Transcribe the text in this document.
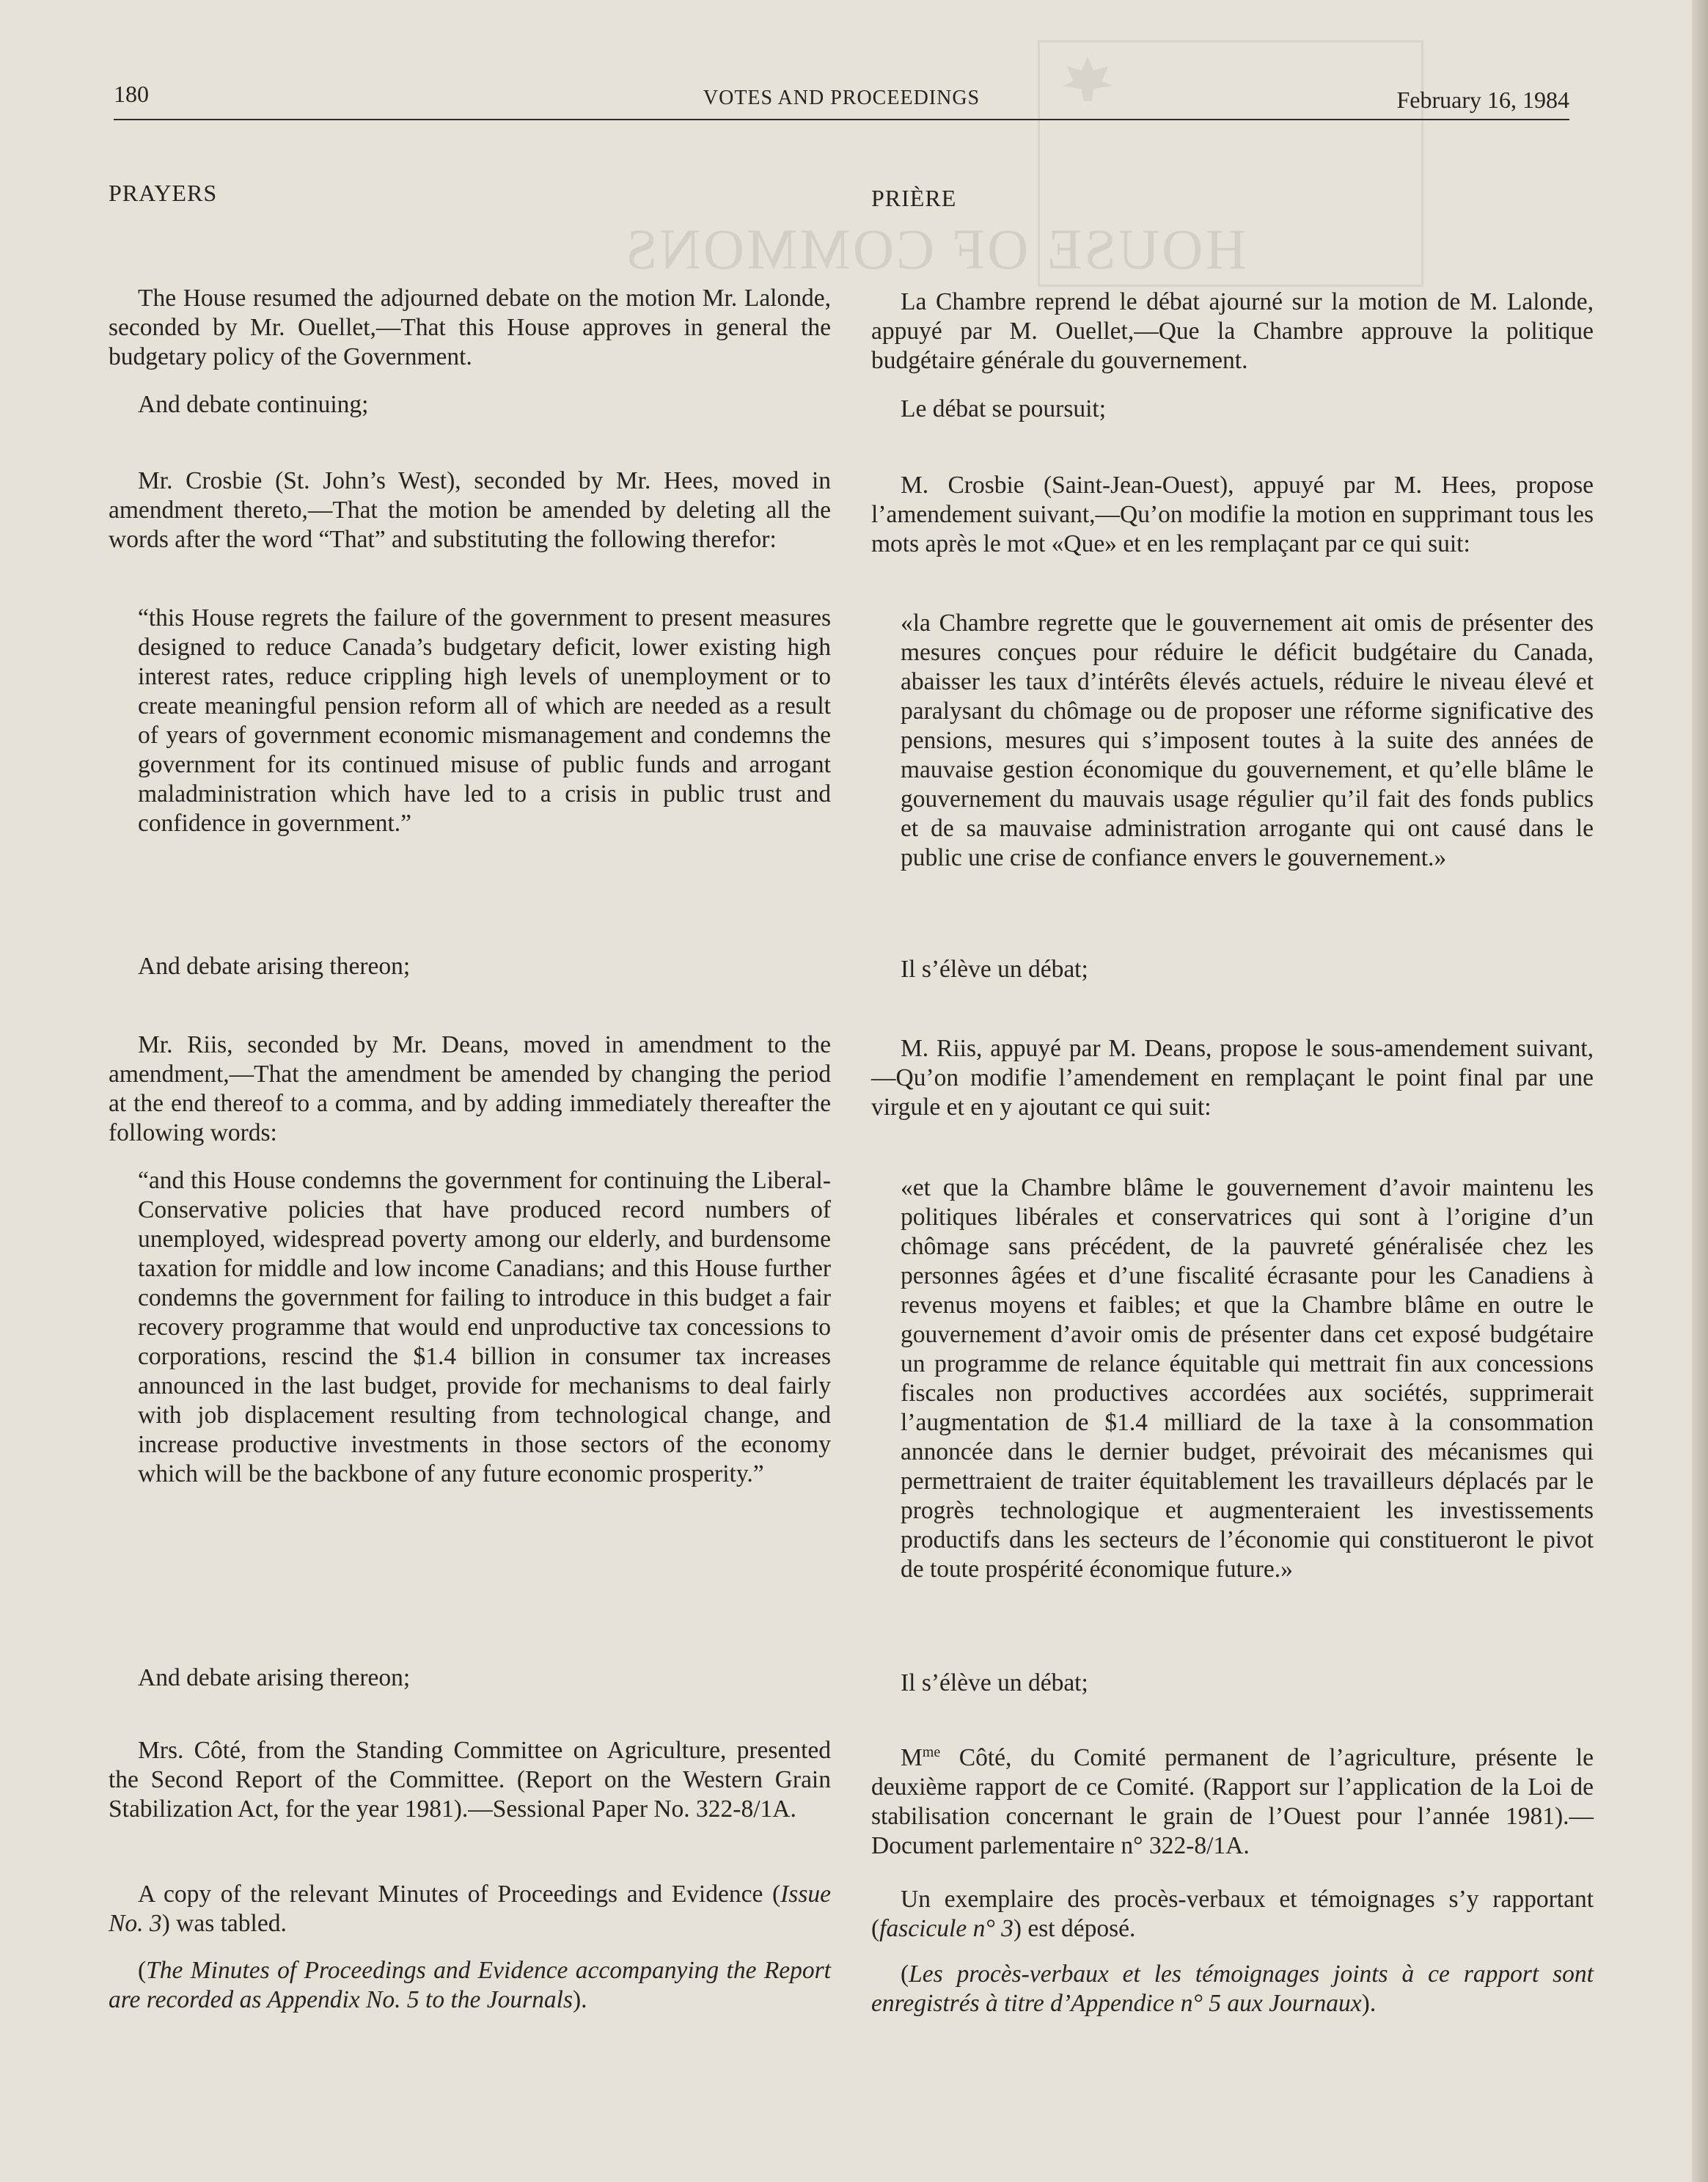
HOUSE OF COMMONS
180	VOTES AND PROCEEDINGS	February 16, 1984

PRAYERS

The House resumed the adjourned debate on the motion Mr. Lalonde, seconded by Mr. Ouellet,—That this House approves in general the budgetary policy of the Government.

And debate continuing;

Mr. Crosbie (St. John’s West), seconded by Mr. Hees, moved in amendment thereto,—That the motion be amended by deleting all the words after the word “That” and substituting the following therefor:

“this House regrets the failure of the government to present measures designed to reduce Canada’s budgetary deficit, lower existing high interest rates, reduce crippling high levels of unemployment or to create meaningful pension reform all of which are needed as a result of years of government economic mismanagement and condemns the government for its continued misuse of public funds and arrogant maladministration which have led to a crisis in public trust and confidence in government.”

And debate arising thereon;

Mr. Riis, seconded by Mr. Deans, moved in amendment to the amendment,—That the amendment be amended by changing the period at the end thereof to a comma, and by adding immediately thereafter the following words:

“and this House condemns the government for continuing the Liberal-Conservative policies that have produced record numbers of unemployed, widespread poverty among our elderly, and burdensome taxation for middle and low income Canadians; and this House further condemns the government for failing to introduce in this budget a fair recovery programme that would end unproductive tax concessions to corporations, rescind the $1.4 billion in consumer tax increases announced in the last budget, provide for mechanisms to deal fairly with job displacement resulting from technological change, and increase productive investments in those sectors of the economy which will be the backbone of any future economic prosperity.”

And debate arising thereon;

Mrs. Côté, from the Standing Committee on Agriculture, presented the Second Report of the Committee. (Report on the Western Grain Stabilization Act, for the year 1981).—Sessional Paper No. 322-8/1A.

A copy of the relevant Minutes of Proceedings and Evidence (Issue No. 3) was tabled.

(The Minutes of Proceedings and Evidence accompanying the Report are recorded as Appendix No. 5 to the Journals).

PRIÈRE

La Chambre reprend le débat ajourné sur la motion de M. Lalonde, appuyé par M. Ouellet,—Que la Chambre approuve la politique budgétaire générale du gouvernement.

Le débat se poursuit;

M. Crosbie (Saint-Jean-Ouest), appuyé par M. Hees, propose l’amendement suivant,—Qu’on modifie la motion en supprimant tous les mots après le mot «Que» et en les remplaçant par ce qui suit:

«la Chambre regrette que le gouvernement ait omis de présenter des mesures conçues pour réduire le déficit budgétaire du Canada, abaisser les taux d’intérêts élevés actuels, réduire le niveau élevé et paralysant du chômage ou de proposer une réforme significative des pensions, mesures qui s’imposent toutes à la suite des années de mauvaise gestion économique du gouvernement, et qu’elle blâme le gouvernement du mauvais usage régulier qu’il fait des fonds publics et de sa mauvaise administration arrogante qui ont causé dans le public une crise de confiance envers le gouvernement.»

Il s’élève un débat;

M. Riis, appuyé par M. Deans, propose le sous-amendement suivant,—Qu’on modifie l’amendement en remplaçant le point final par une virgule et en y ajoutant ce qui suit:

«et que la Chambre blâme le gouvernement d’avoir maintenu les politiques libérales et conservatrices qui sont à l’origine d’un chômage sans précédent, de la pauvreté généralisée chez les personnes âgées et d’une fiscalité écrasante pour les Canadiens à revenus moyens et faibles; et que la Chambre blâme en outre le gouvernement d’avoir omis de présenter dans cet exposé budgétaire un programme de relance équitable qui mettrait fin aux concessions fiscales non productives accordées aux sociétés, supprimerait l’augmentation de $1.4 milliard de la taxe à la consommation annoncée dans le dernier budget, prévoirait des mécanismes qui permettraient de traiter équitablement les travailleurs déplacés par le progrès technologique et augmenteraient les investissements productifs dans les secteurs de l’économie qui constitueront le pivot de toute prospérité économique future.»

Il s’élève un débat;

$M^{me}$ Côté, du Comité permanent de l’agriculture, présente le deuxième rapport de ce Comité. (Rapport sur l’application de la Loi de stabilisation concernant le grain de l’Ouest pour l’année 1981).—Document parlementaire n° 322-8/1A.

Un exemplaire des procès-verbaux et témoignages s’y rapportant (fascicule n° 3) est déposé.

(Les procès-verbaux et les témoignages joints à ce rapport sont enregistrés à titre d’Appendice n° 5 aux Journaux).
